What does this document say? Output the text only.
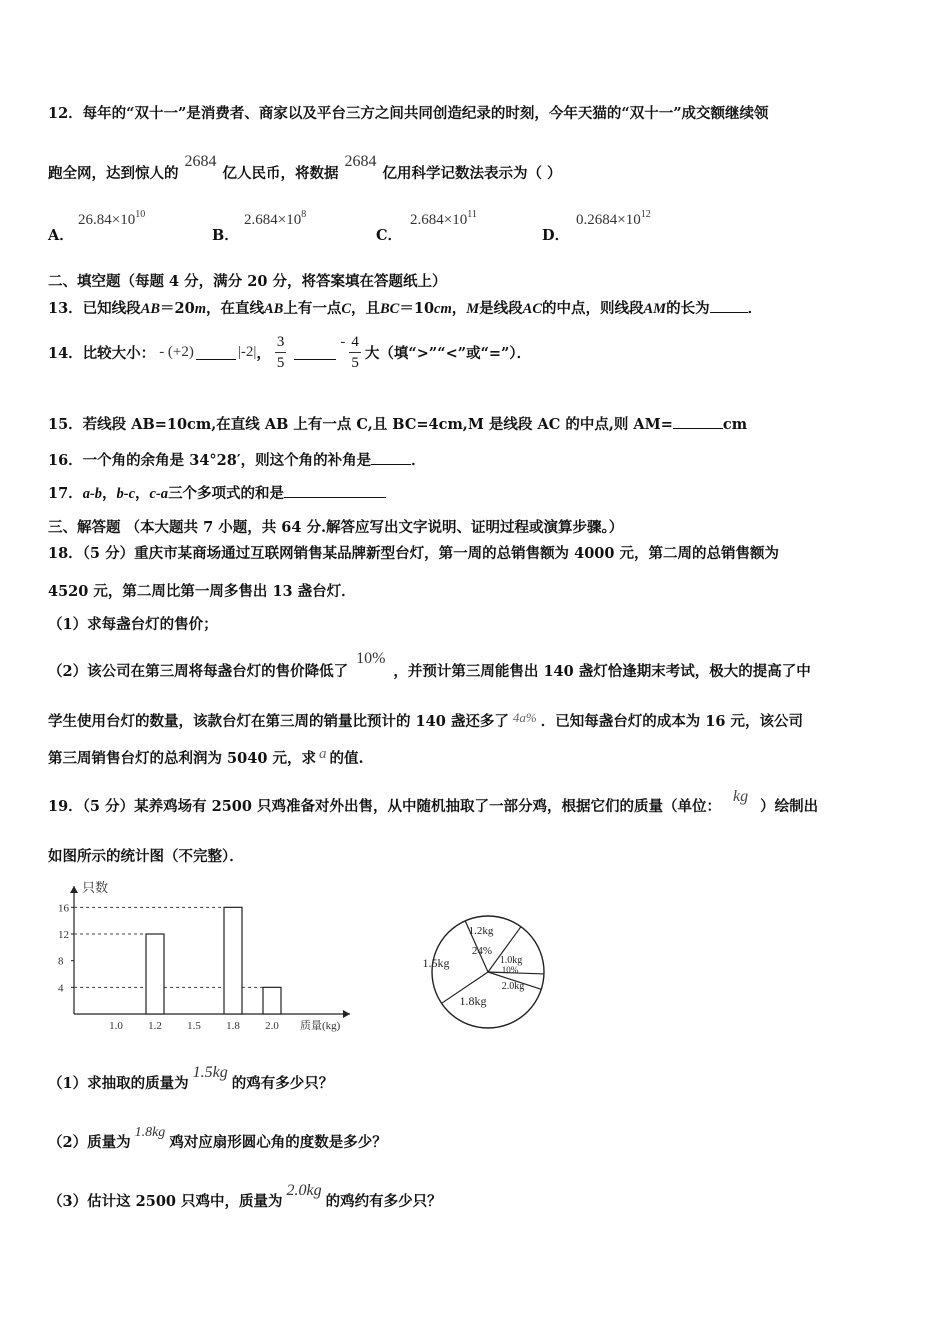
12．每年的“双十一”是消费者、商家以及平台三方之间共同创造纪录的时刻，今年天猫的“双十一”成交额继续领
跑全网，达到惊人的2684亿人民币，将数据2684亿用科学记数法表示为（ ）
A．
$26.84\times 10^{10}$
B．
$2.684\times 10^8$
C．
$2.684\times 10^{11}$
D．
$0.2684\times 10^{12}$
二、填空题（每题 4 分，满分 20 分，将答案填在答题纸上）
13．已知线段AB＝20m，在直线AB上有一点C，且BC＝10cm，M是线段AC的中点，则线段AM的长为	．
14．比较大小： - (+2)	|-2| ， $\frac{3}{5}$	- $\frac{4}{5}$ 大（填“>”“<”或“=”）．
15．若线段 AB=10cm,在直线 AB 上有一点 C,且 BC=4cm,M 是线段 AC 的中点,则 AM=	cm
16．一个角的余角是 34°28′，则这个角的补角是	．
17．a-b，b-c，c-a三个多项式的和是
三、解答题 （本大题共 7 小题，共 64 分.解答应写出文字说明、证明过程或演算步骤。）
18．（5 分）重庆市某商场通过互联网销售某品牌新型台灯，第一周的总销售额为 4000 元，第二周的总销售额为
4520 元，第二周比第一周多售出 13 盏台灯．
（1）求每盏台灯的售价；
（2）该公司在第三周将每盏台灯的售价降低了10%，并预计第三周能售出 140 盏灯恰逢期末考试，极大的提高了中
学生使用台灯的数量，该款台灯在第三周的销量比预计的 140 盏还多了 4a% ．已知每盏台灯的成本为 16 元，该公司
第三周销售台灯的总利润为 5040 元，求 a 的值.
19．（5 分）某养鸡场有 2500 只鸡准备对外出售，从中随机抽取了一部分鸡，根据它们的质量（单位：kg）绘制出
如图所示的统计图（不完整）．
只数
质量(kg)
4
8
12
16
1.0 1.2 1.5 1.8 2.0
1.2kg
24%
1.0kg
10%
2.0kg
1.8kg
1.5kg
（1）求抽取的质量为1.5kg的鸡有多少只？
（2）质量为1.8kg鸡对应扇形圆心角的度数是多少？
（3）估计这 2500 只鸡中，质量为2.0kg的鸡约有多少只？
